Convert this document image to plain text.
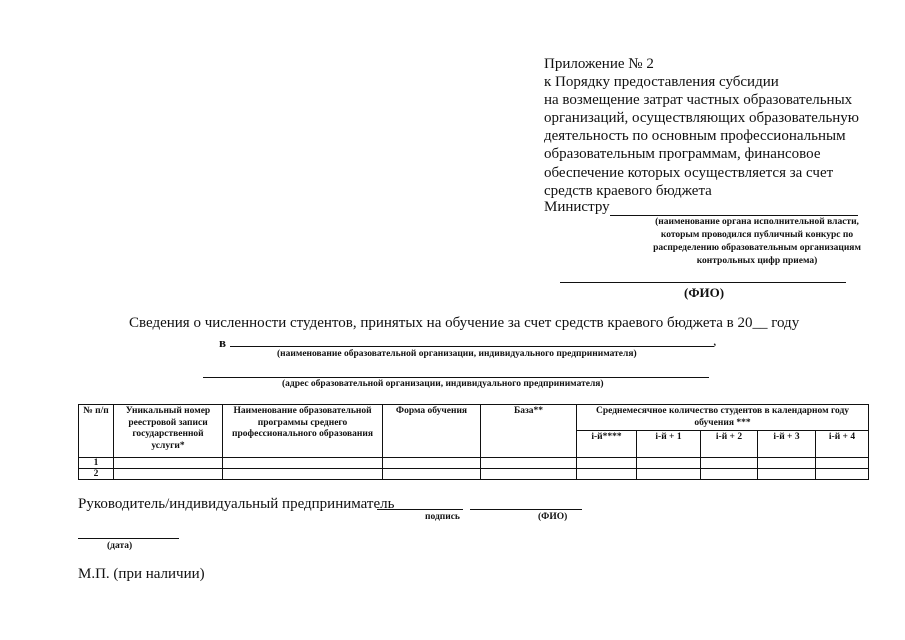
Приложение № 2
к Порядку предоставления субсидии
на возмещение затрат частных образовательных
организаций, осуществляющих образовательную
деятельность по основным профессиональным
образовательным программам, финансовое
обеспечение которых осуществляется за счет
средств краевого бюджета
Министру
(наименование органа исполнительной власти,
которым проводился публичный конкурс по
распределению образовательным организациям
контрольных цифр приема)
(ФИО)
Сведения о численности студентов, принятых на обучение за счет средств краевого бюджета в 20__ году
в	,
(наименование образовательной организации, индивидуального предпринимателя)
(адрес образовательной организации, индивидуального предпринимателя)
№ п/п	Уникальный номер реестровой записи государственной услуги*	Наименование образовательной программы среднего профессионального образования	Форма обучения	База**	Среднемесячное количество студентов в календарном году обучения ***				
					i-й****	i-й + 1	i-й + 2	i-й + 3	i-й + 4
1									
2									
Руководитель/индивидуальный предприниматель
подпись	(ФИО)
(дата)
М.П. (при наличии)
